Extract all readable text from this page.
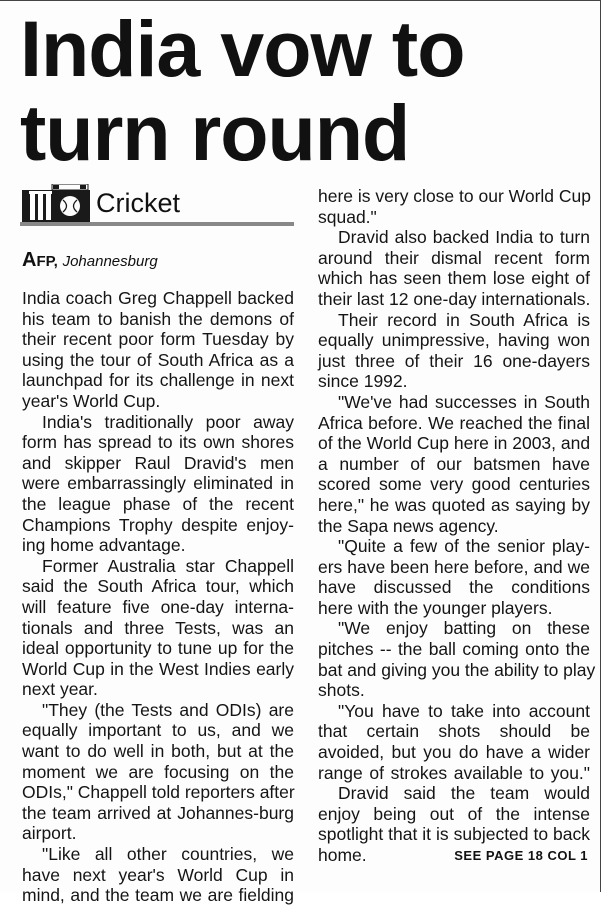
India vow to
turn round
Cricket
AFP, Johannesburg
India coach Greg Chappell backed
his team to banish the demons of
their recent poor form Tuesday by
using the tour of South Africa as a
launchpad for its challenge in next
year's World Cup.
India's traditionally poor away
form has spread to its own shores
and skipper Raul Dravid's men
were embarrassingly eliminated in
the league phase of the recent
Champions Trophy despite enjoy-
ing home advantage.
Former Australia star Chappell
said the South Africa tour, which
will feature five one-day interna-
tionals and three Tests, was an
ideal opportunity to tune up for the
World Cup in the West Indies early
next year.
"They (the Tests and ODIs) are
equally important to us, and we
want to do well in both, but at the
moment we are focusing on the
ODIs," Chappell told reporters after
the team arrived at Johannes-burg
airport.
"Like all other countries, we
have next year's World Cup in
mind, and the team we are fielding
here is very close to our World Cup
squad."
Dravid also backed India to turn
around their dismal recent form
which has seen them lose eight of
their last 12 one-day internationals.
Their record in South Africa is
equally unimpressive, having won
just three of their 16 one-dayers
since 1992.
"We've had successes in South
Africa before. We reached the final
of the World Cup here in 2003, and
a number of our batsmen have
scored some very good centuries
here," he was quoted as saying by
the Sapa news agency.
"Quite a few of the senior play-
ers have been here before, and we
have discussed the conditions
here with the younger players.
"We enjoy batting on these
pitches -- the ball coming onto the
bat and giving you the ability to play
shots.
"You have to take into account
that certain shots should be
avoided, but you do have a wider
range of strokes available to you."
Dravid said the team would
enjoy being out of the intense
spotlight that it is subjected to back
home.	SEE PAGE 18 COL 1
